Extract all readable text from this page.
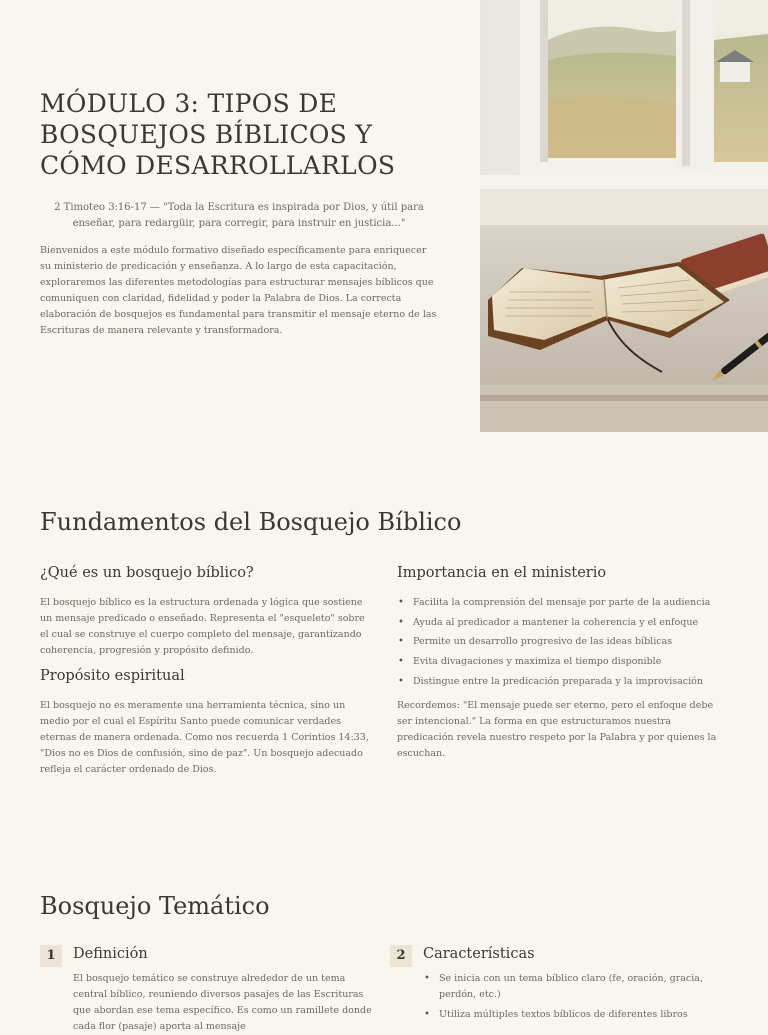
MÓDULO 3: TIPOS DE BOSQUEJOS BÍBLICOS Y CÓMO DESARROLLARLOS

2 Timoteo 3:16-17 — "Toda la Escritura es inspirada por Dios, y útil para enseñar, para redargüir, para corregir, para instruir en justicia..."

Bienvenidos a este módulo formativo diseñado específicamente para enriquecer su ministerio de predicación y enseñanza. A lo largo de esta capacitación, exploraremos las diferentes metodologías para estructurar mensajes bíblicos que comuniquen con claridad, fidelidad y poder la Palabra de Dios. La correcta elaboración de bosquejos es fundamental para transmitir el mensaje eterno de las Escrituras de manera relevante y transformadora.

Fundamentos del Bosquejo Bíblico
¿Qué es un bosquejo bíblico?

El bosquejo bíblico es la estructura ordenada y lógica que sostiene un mensaje predicado o enseñado. Representa el "esqueleto" sobre el cual se construye el cuerpo completo del mensaje, garantizando coherencia, progresión y propósito definido.

Propósito espiritual

El bosquejo no es meramente una herramienta técnica, sino un medio por el cual el Espíritu Santo puede comunicar verdades eternas de manera ordenada. Como nos recuerda 1 Corintios 14:33, "Dios no es Dios de confusión, sino de paz". Un bosquejo adecuado refleja el carácter ordenado de Dios.

Importancia en el ministerio
• Facilita la comprensión del mensaje por parte de la audiencia
• Ayuda al predicador a mantener la coherencia y el enfoque
• Permite un desarrollo progresivo de las ideas bíblicas
• Evita divagaciones y maximiza el tiempo disponible
• Distingue entre la predicación preparada y la improvisación

Recordemos: "El mensaje puede ser eterno, pero el enfoque debe ser intencional." La forma en que estructuramos nuestra predicación revela nuestro respeto por la Palabra y por quienes la escuchan.

Bosquejo Temático
1	Definición

El bosquejo temático se construye alrededor de un tema central bíblico, reuniendo diversos pasajes de las Escrituras que abordan ese tema específico. Es como un ramillete donde cada flor (pasaje) aporta al mensaje

2	Características
• Se inicia con un tema bíblico claro (fe, oración, gracia, perdón, etc.)
• Utiliza múltiples textos bíblicos de diferentes libros
